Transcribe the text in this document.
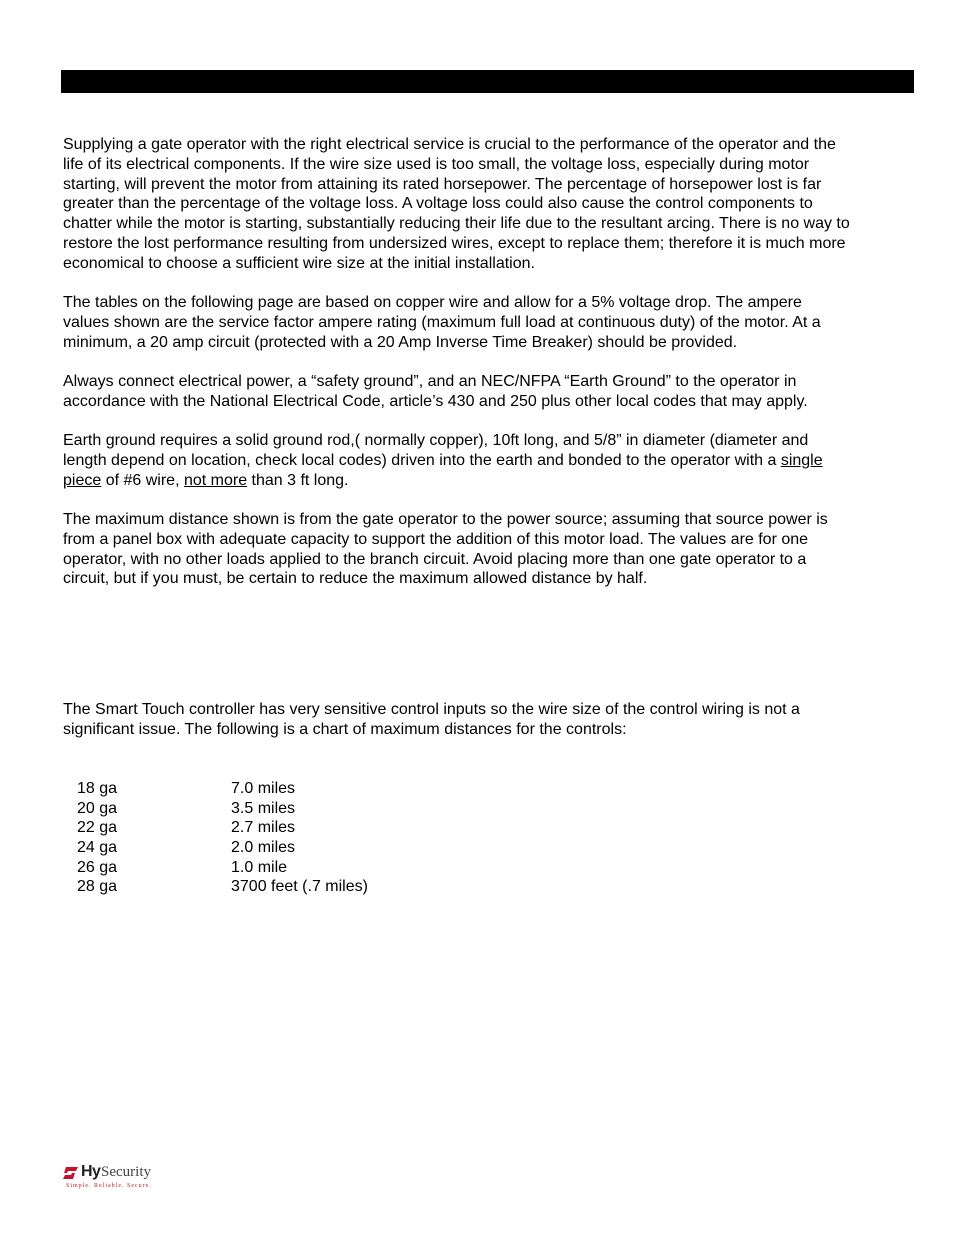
Supplying a gate operator with the right electrical service is crucial to the performance of the operator and the
life of its electrical components. If the wire size used is too small, the voltage loss, especially during motor
starting, will prevent the motor from attaining its rated horsepower. The percentage of horsepower lost is far
greater than the percentage of the voltage loss. A voltage loss could also cause the control components to
chatter while the motor is starting, substantially reducing their life due to the resultant arcing. There is no way to
restore the lost performance resulting from undersized wires, except to replace them; therefore it is much more
economical to choose a sufficient wire size at the initial installation.

The tables on the following page are based on copper wire and allow for a 5% voltage drop. The ampere
values shown are the service factor ampere rating (maximum full load at continuous duty) of the motor. At a
minimum, a 20 amp circuit (protected with a 20 Amp Inverse Time Breaker) should be provided.

Always connect electrical power, a “safety ground”, and an NEC/NFPA “Earth Ground” to the operator in
accordance with the National Electrical Code, article’s 430 and 250 plus other local codes that may apply.

Earth ground requires a solid ground rod,( normally copper), 10ft long, and 5/8” in diameter (diameter and
length depend on location, check local codes) driven into the earth and bonded to the operator with a single
piece of #6 wire, not more than 3 ft long.

The maximum distance shown is from the gate operator to the power source; assuming that source power is
from a panel box with adequate capacity to support the addition of this motor load. The values are for one
operator, with no other loads applied to the branch circuit. Avoid placing more than one gate operator to a
circuit, but if you must, be certain to reduce the maximum allowed distance by half.

The Smart Touch controller has very sensitive control inputs so the wire size of the control wiring is not a
significant issue. The following is a chart of maximum distances for the controls:

18 ga	7.0 miles
20 ga	3.5 miles
22 ga	2.7 miles
24 ga	2.0 miles
26 ga	1.0 mile
28 ga	3700 feet (.7 miles)
Hy Security
Simple. Reliable. Secure.
